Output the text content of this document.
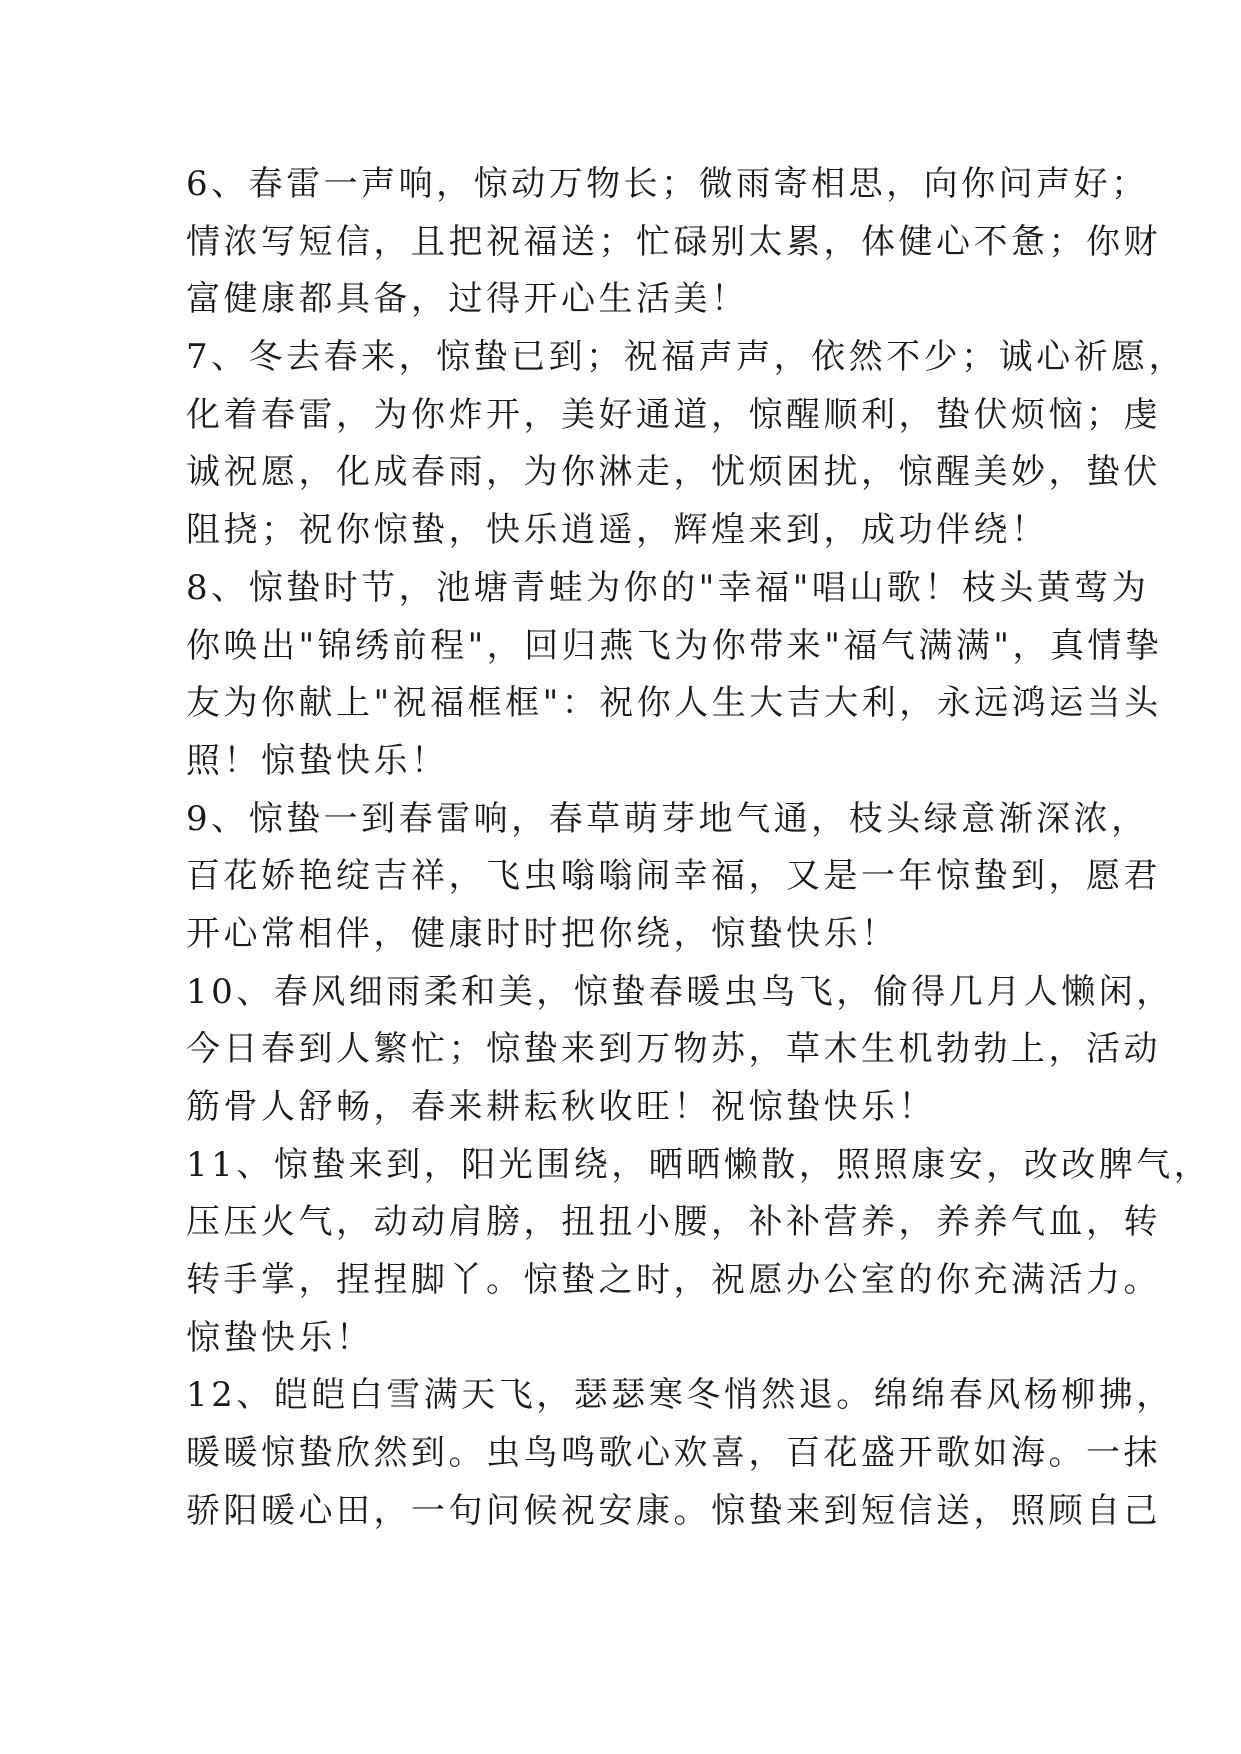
6、春雷一声响，惊动万物长；微雨寄相思，向你问声好；
情浓写短信，且把祝福送；忙碌别太累，体健心不惫；你财
富健康都具备，过得开心生活美！
7、冬去春来，惊蛰已到；祝福声声，依然不少；诚心祈愿，
化着春雷，为你炸开，美好通道，惊醒顺利，蛰伏烦恼；虔
诚祝愿，化成春雨，为你淋走，忧烦困扰，惊醒美妙，蛰伏
阻挠；祝你惊蛰，快乐逍遥，辉煌来到，成功伴绕！
8、惊蛰时节，池塘青蛙为你的"幸福"唱山歌！枝头黄莺为
你唤出"锦绣前程"，回归燕飞为你带来"福气满满"，真情挚
友为你献上"祝福框框"：祝你人生大吉大利，永远鸿运当头
照！惊蛰快乐！
9、惊蛰一到春雷响，春草萌芽地气通，枝头绿意渐深浓，
百花娇艳绽吉祥，飞虫嗡嗡闹幸福，又是一年惊蛰到，愿君
开心常相伴，健康时时把你绕，惊蛰快乐！
10、春风细雨柔和美，惊蛰春暖虫鸟飞，偷得几月人懒闲，
今日春到人繁忙；惊蛰来到万物苏，草木生机勃勃上，活动
筋骨人舒畅，春来耕耘秋收旺！祝惊蛰快乐！
11、惊蛰来到，阳光围绕，晒晒懒散，照照康安，改改脾气，
压压火气，动动肩膀，扭扭小腰，补补营养，养养气血，转
转手掌，捏捏脚丫。惊蛰之时，祝愿办公室的你充满活力。
惊蛰快乐！
12、皑皑白雪满天飞，瑟瑟寒冬悄然退。绵绵春风杨柳拂，
暖暖惊蛰欣然到。虫鸟鸣歌心欢喜，百花盛开歌如海。一抹
骄阳暖心田，一句问候祝安康。惊蛰来到短信送，照顾自己
